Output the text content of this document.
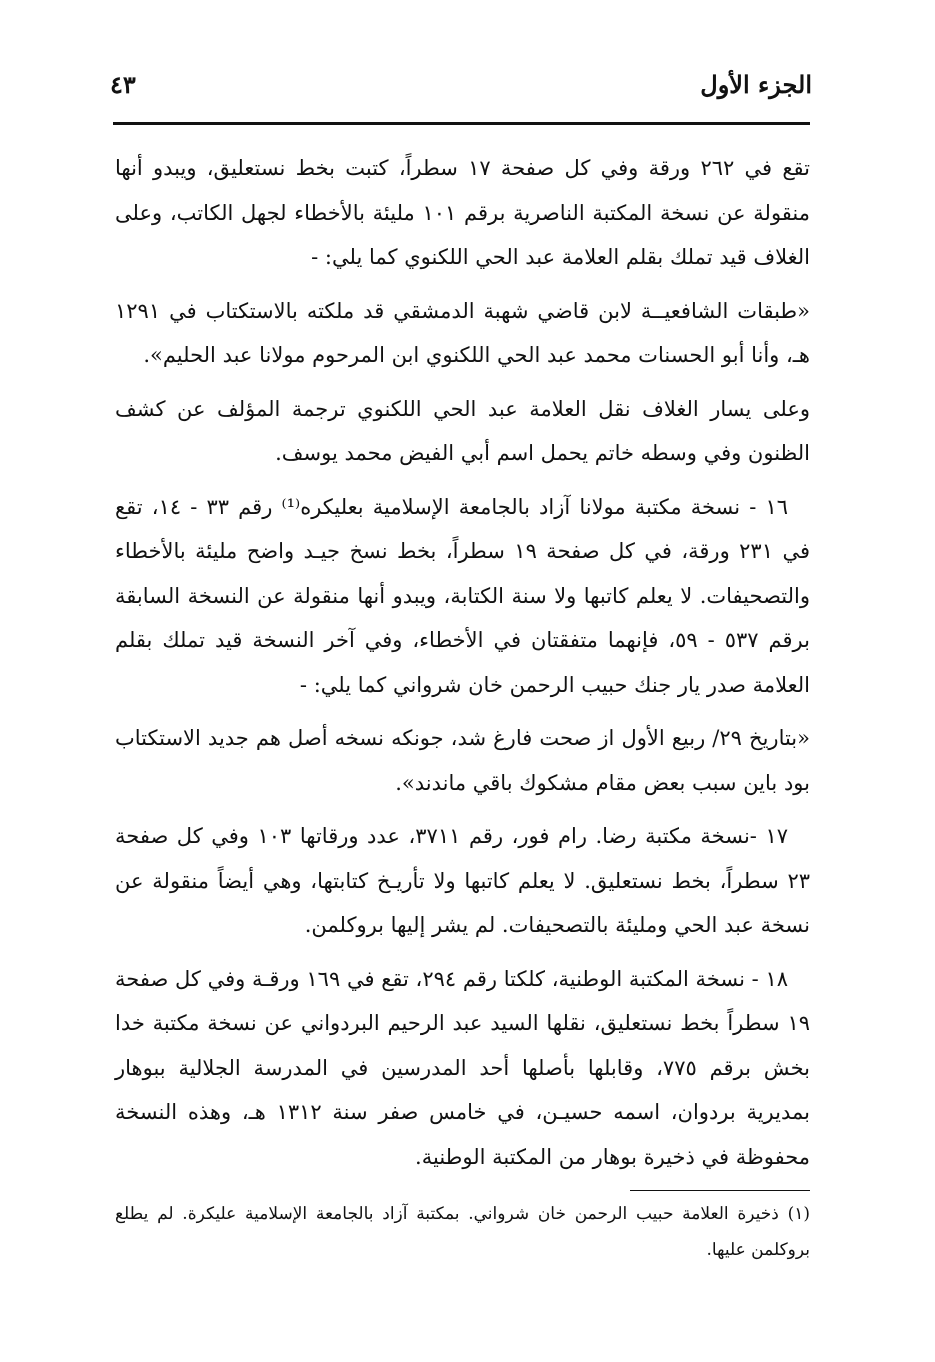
الجزء الأول
٤٣

تقع في ٢٦٢ ورقة وفي كل صفحة ١٧ سطراً، كتبت بخط نستعليق، ويبدو أنها منقولة عن نسخة المكتبة الناصرية برقم ١٠١ مليئة بالأخطاء لجهل الكاتب، وعلى الغلاف قيد تملك بقلم العلامة عبد الحي اللكنوي كما يلي: -

«طبقات الشافعيــة لابن قاضي شهبة الدمشقي قد ملكته بالاستكتاب في ١٢٩١ هـ، وأنا أبو الحسنات محمد عبد الحي اللكنوي ابن المرحوم مولانا عبد الحليم».

وعلى يسار الغلاف نقل العلامة عبد الحي اللكنوي ترجمة المؤلف عن كشف الظنون وفي وسطه خاتم يحمل اسم أبي الفيض محمد يوسف.

١٦ - نسخة مكتبة مولانا آزاد بالجامعة الإسلامية بعليكره⁽¹⁾ رقم ٣٣ - ١٤، تقع في ٢٣١ ورقة، في كل صفحة ١٩ سطراً، بخط نسخ جيـد واضح مليئة بالأخطاء والتصحيفات. لا يعلم كاتبها ولا سنة الكتابة، ويبدو أنها منقولة عن النسخة السابقة برقم ٥٣٧ - ٥٩، فإنهما متفقتان في الأخطاء، وفي آخر النسخة قيد تملك بقلم العلامة صدر يار جنك حبيب الرحمن خان شرواني كما يلي: -

«بتاريخ ٢٩/ ربيع الأول از صحت فارغ شد، جونكه نسخه أصل هم جديد الاستكتاب بود باين سبب بعض مقام مشكوك باقي ماندند».

١٧ -نسخة مكتبة رضا. رام فور، رقم ٣٧١١، عدد ورقاتها ١٠٣ وفي كل صفحة ٢٣ سطراً، بخط نستعليق. لا يعلم كاتبها ولا تأريـخ كتابتها، وهي أيضاً منقولة عن نسخة عبد الحي ومليئة بالتصحيفات. لم يشر إليها بروكلمن.

١٨ - نسخة المكتبة الوطنية، كلكتا رقم ٢٩٤، تقع في ١٦٩ ورقـة وفي كل صفحة ١٩ سطراً بخط نستعليق، نقلها السيد عبد الرحيم البردواني عن نسخة مكتبة خدا بخش برقم ٧٧٥، وقابلها بأصلها أحد المدرسين في المدرسة الجلالية ببوهار بمديرية بردوان، اسمه حسيـن، في خامس صفر سنة ١٣١٢ هـ، وهذه النسخة محفوظة في ذخيرة بوهار من المكتبة الوطنية.

(١) ذخيرة العلامة حبيب الرحمن خان شرواني. بمكتبة آزاد بالجامعة الإسلامية عليكرة. لم يطلع بروكلمن عليها.
